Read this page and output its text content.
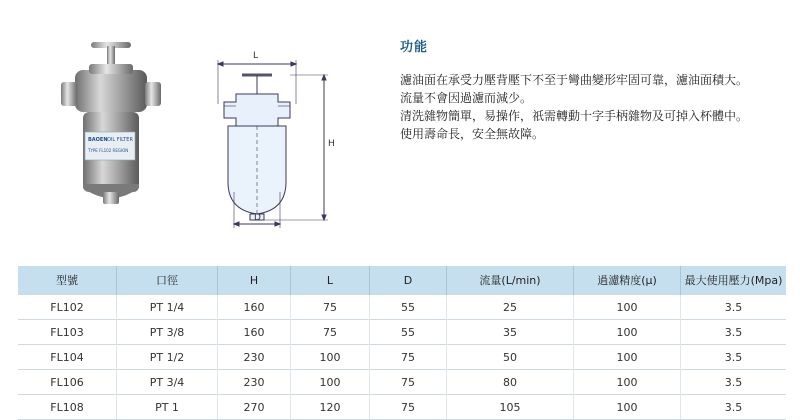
BAOEN OIL FILTER
TYPE FL102 REGION
L
H
D
功能

濾油面在承受力壓背壓下不至于彎曲變形牢固可靠，濾油面積大。

流量不會因過濾而減少。

清洗雜物簡單，易操作，祇需轉動十字手柄雜物及可掉入杯體中。

使用壽命長，安全無故障。

型號	口徑	H	L	D	流量(L/min)	過濾精度(μ)	最大使用壓力(Mpa)
FL102	PT 1/4	160	75	55	25	100	3.5
FL103	PT 3/8	160	75	55	35	100	3.5
FL104	PT 1/2	230	100	75	50	100	3.5
FL106	PT 3/4	230	100	75	80	100	3.5
FL108	PT 1	270	120	75	105	100	3.5
